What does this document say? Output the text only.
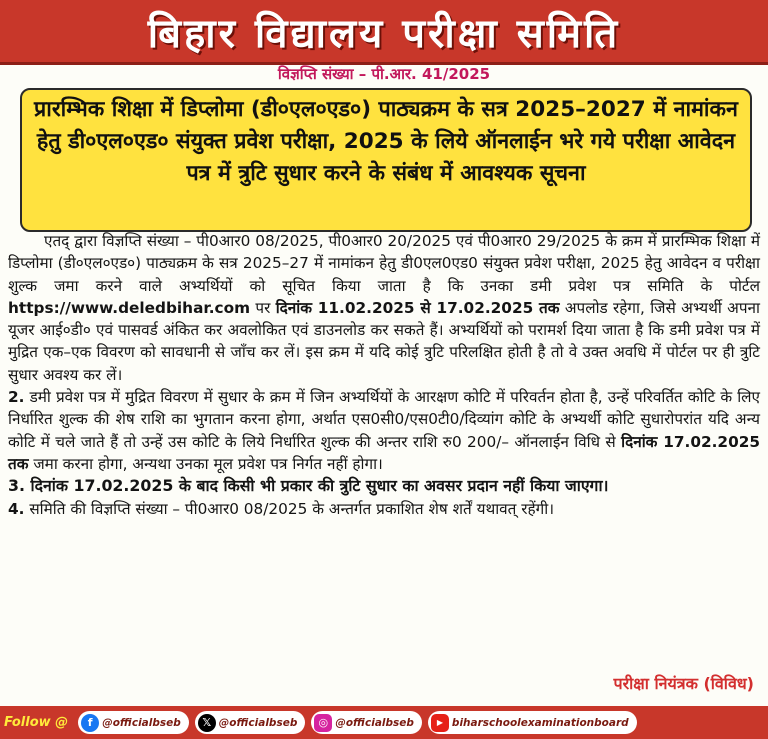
बिहार विद्यालय परीक्षा समिति
विज्ञप्ति संख्या – पी.आर. 41/2025
प्रारम्भिक शिक्षा में डिप्लोमा (डी०एल०एड०) पाठ्यक्रम के सत्र 2025–2027 में नामांकन हेतु डी०एल०एड० संयुक्त प्रवेश परीक्षा, 2025 के लिये ऑनलाईन भरे गये परीक्षा आवेदन पत्र में त्रुटि सुधार करने के संबंध में आवश्यक सूचना

एतद् द्वारा विज्ञप्ति संख्या – पी0आर0 08/2025, पी0आर0 20/2025 एवं पी0आर0 29/2025 के क्रम में प्रारम्भिक शिक्षा में डिप्लोमा (डी०एल०एड०) पाठ्यक्रम के सत्र 2025–27 में नामांकन हेतु डी0एल0एड0 संयुक्त प्रवेश परीक्षा, 2025 हेतु आवेदन व परीक्षा शुल्क जमा करने वाले अभ्यर्थियों को सूचित किया जाता है कि उनका डमी प्रवेश पत्र समिति के पोर्टल https://www.deledbihar.com पर दिनांक 11.02.2025 से 17.02.2025 तक अपलोड रहेगा, जिसे अभ्यर्थी अपना यूजर आई०डी० एवं पासवर्ड अंकित कर अवलोकित एवं डाउनलोड कर सकते हैं। अभ्यर्थियों को परामर्श दिया जाता है कि डमी प्रवेश पत्र में मुद्रित एक–एक विवरण को सावधानी से जाँच कर लें। इस क्रम में यदि कोई त्रुटि परिलक्षित होती है तो वे उक्त अवधि में पोर्टल पर ही त्रुटि सुधार अवश्य कर लें।

2. डमी प्रवेश पत्र में मुद्रित विवरण में सुधार के क्रम में जिन अभ्यर्थियों के आरक्षण कोटि में परिवर्तन होता है, उन्हें परिवर्तित कोटि के लिए निर्धारित शुल्क की शेष राशि का भुगतान करना होगा, अर्थात एस0सी0/एस0टी0/दिव्यांग कोटि के अभ्यर्थी कोटि सुधारोपरांत यदि अन्य कोटि में चले जाते हैं तो उन्हें उस कोटि के लिये निर्धारित शुल्क की अन्तर राशि रु0 200/– ऑनलाईन विधि से दिनांक 17.02.2025 तक जमा करना होगा, अन्यथा उनका मूल प्रवेश पत्र निर्गत नहीं होगा।

3. दिनांक 17.02.2025 के बाद किसी भी प्रकार की त्रुटि सुधार का अवसर प्रदान नहीं किया जाएगा।

4. समिति की विज्ञप्ति संख्या – पी0आर0 08/2025 के अन्तर्गत प्रकाशित शेष शर्तें यथावत् रहेंगी।

परीक्षा नियंत्रक (विविध)
Follow @	f @officialbseb	𝕏 @officialbseb	◎ @officialbseb	▶ biharschoolexaminationboard
